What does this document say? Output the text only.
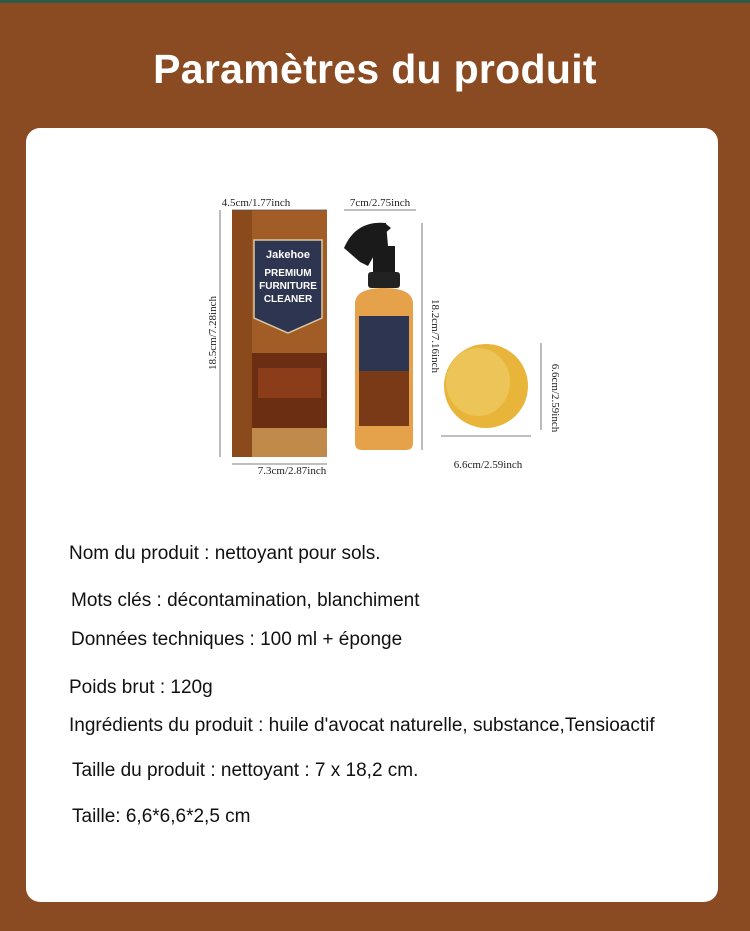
Paramètres du produit
Jakehoe
PREMIUM
FURNITURE
CLEANER
4.5cm/1.77inch
18.5cm/7.28inch
7.3cm/2.87inch
7cm/2.75inch
18.2cm/7.16inch
6.6cm/2.59inch
6.6cm/2.59inch
Nom du produit : nettoyant pour sols.
Mots clés : décontamination, blanchiment
Données techniques : 100 ml + éponge
Poids brut : 120g
Ingrédients du produit : huile d'avocat naturelle, substance,Tensioactif
Taille du produit : nettoyant : 7 x 18,2 cm.
Taille: 6,6*6,6*2,5 cm
